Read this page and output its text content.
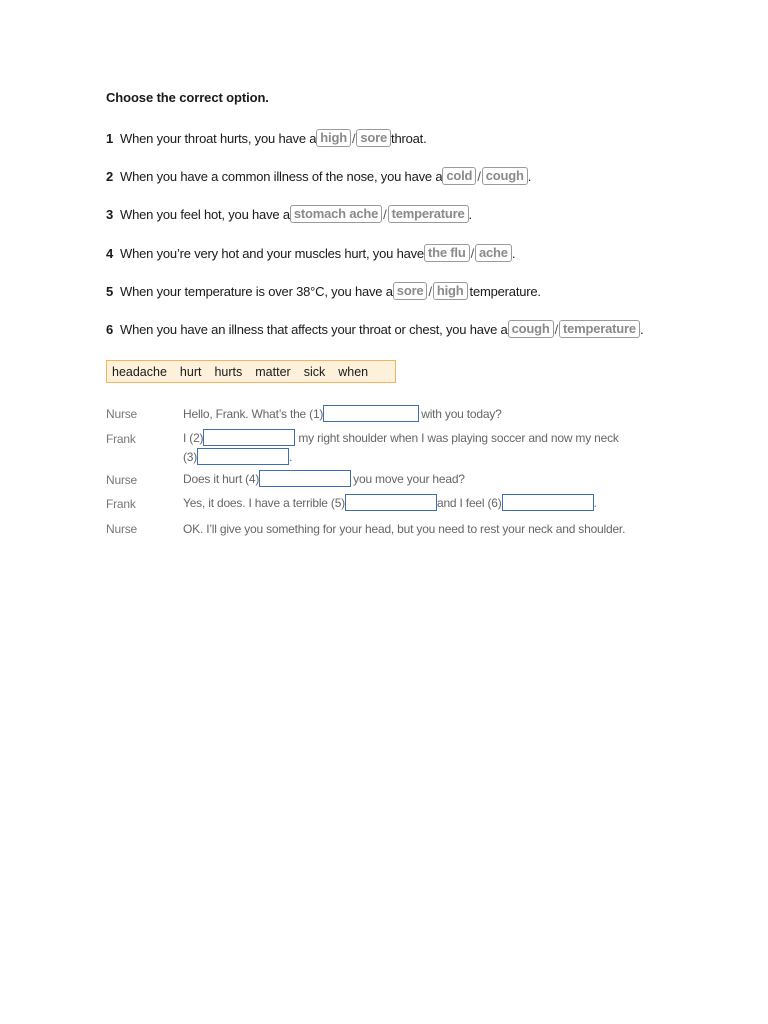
Choose the correct option.
1 When your throat hurts, you have a high / sore throat.
2 When you have a common illness of the nose, you have a cold / cough .
3 When you feel hot, you have a stomach ache / temperature .
4 When you’re very hot and your muscles hurt, you have the flu / ache .
5 When your temperature is over 38°C, you have a sore / high temperature.
6 When you have an illness that affects your throat or chest, you have a cough / temperature .
headache hurt hurts matter sick when
Nurse	Hello, Frank. What’s the (1)	with you today?
Frank	I (2)	my right shoulder when I was playing soccer and now my neck
(3)	.
Nurse	Does it hurt (4)	you move your head?
Frank	Yes, it does. I have a terrible (5)	and I feel (6)	.
Nurse	OK. I’ll give you something for your head, but you need to rest your neck and shoulder.
